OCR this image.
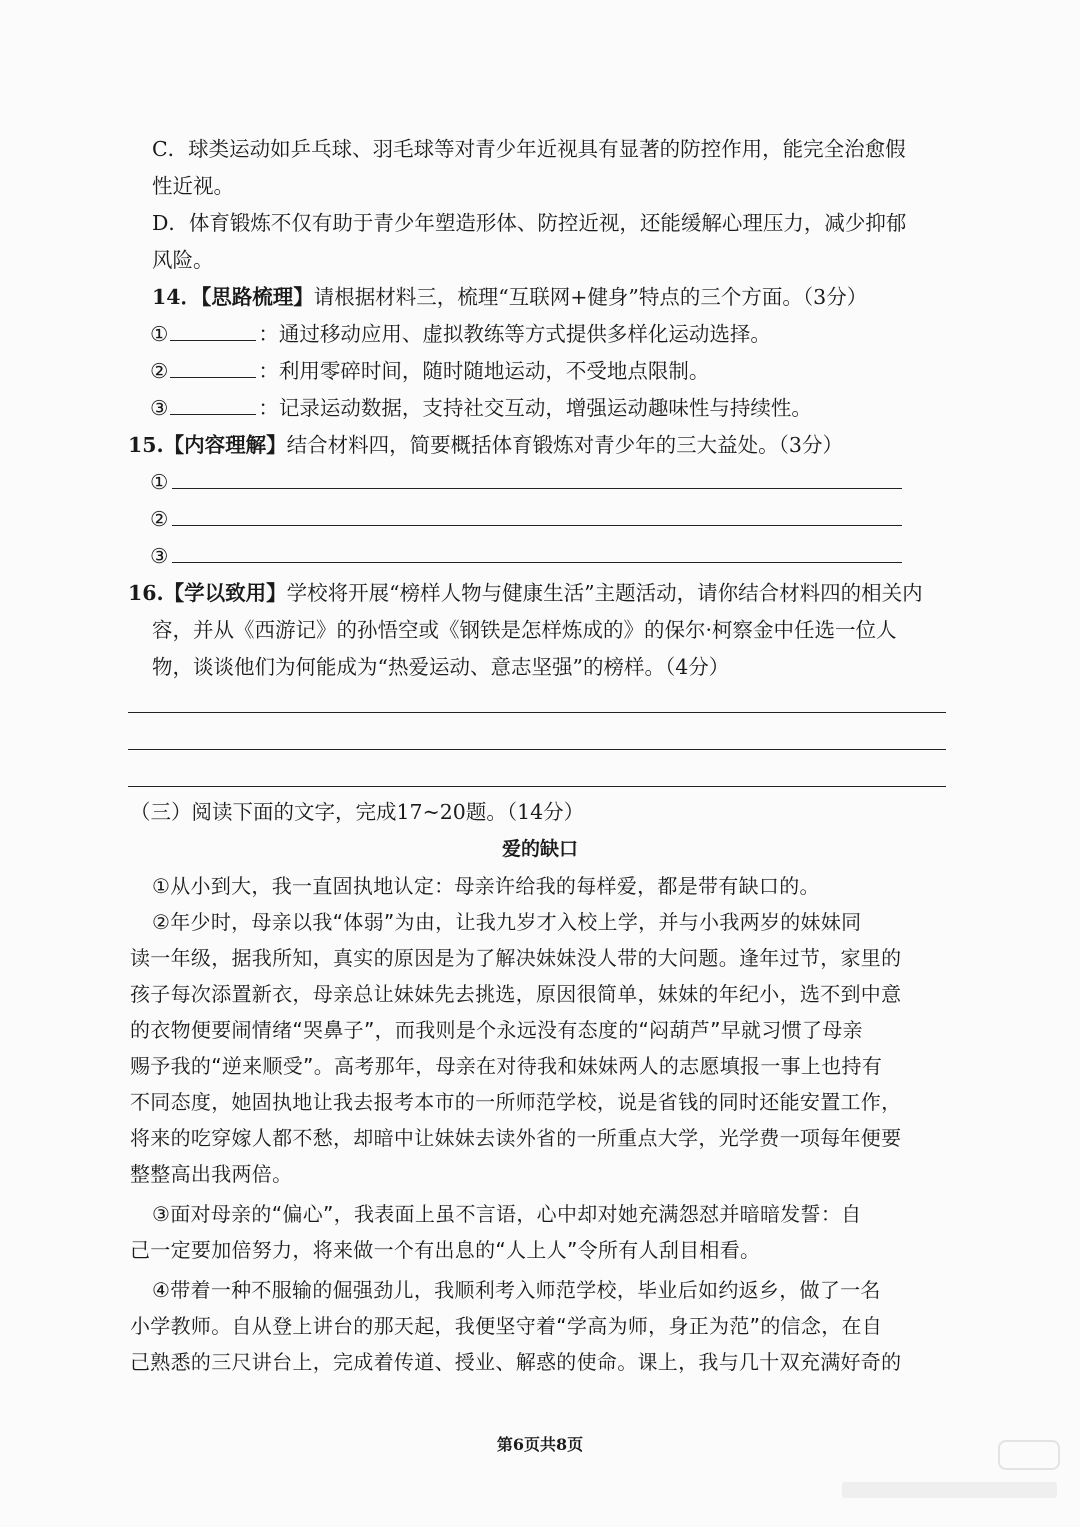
C．球类运动如乒乓球、羽毛球等对青少年近视具有显著的防控作用，能完全治愈假
性近视。
D．体育锻炼不仅有助于青少年塑造形体、防控近视，还能缓解心理压力，减少抑郁
风险。
14．【思路梳理】请根据材料三，梳理“互联网+健身”特点的三个方面。（3分）
①	：通过移动应用、虚拟教练等方式提供多样化运动选择。
②	：利用零碎时间，随时随地运动，不受地点限制。
③	：记录运动数据，支持社交互动，增强运动趣味性与持续性。
15.【内容理解】结合材料四，简要概括体育锻炼对青少年的三大益处。（3分）
①
②
③
16.【学以致用】学校将开展“榜样人物与健康生活”主题活动，请你结合材料四的相关内
容，并从《西游记》的孙悟空或《钢铁是怎样炼成的》的保尔·柯察金中任选一位人
物，谈谈他们为何能成为“热爱运动、意志坚强”的榜样。（4分）
（三）阅读下面的文字，完成17~20题。（14分）
爱的缺口
①从小到大，我一直固执地认定：母亲许给我的每样爱，都是带有缺口的。
②年少时，母亲以我“体弱”为由，让我九岁才入校上学，并与小我两岁的妹妹同
读一年级，据我所知，真实的原因是为了解决妹妹没人带的大问题。逢年过节，家里的
孩子每次添置新衣，母亲总让妹妹先去挑选，原因很简单，妹妹的年纪小，选不到中意
的衣物便要闹情绪“哭鼻子”，而我则是个永远没有态度的“闷葫芦”早就习惯了母亲
赐予我的“逆来顺受”。高考那年，母亲在对待我和妹妹两人的志愿填报一事上也持有
不同态度，她固执地让我去报考本市的一所师范学校，说是省钱的同时还能安置工作，
将来的吃穿嫁人都不愁，却暗中让妹妹去读外省的一所重点大学，光学费一项每年便要
整整高出我两倍。
③面对母亲的“偏心”，我表面上虽不言语，心中却对她充满怨怼并暗暗发誓：自
己一定要加倍努力，将来做一个有出息的“人上人”令所有人刮目相看。
④带着一种不服输的倔强劲儿，我顺利考入师范学校，毕业后如约返乡，做了一名
小学教师。自从登上讲台的那天起，我便坚守着“学高为师，身正为范”的信念，在自
己熟悉的三尺讲台上，完成着传道、授业、解惑的使命。课上，我与几十双充满好奇的
第6页共8页
